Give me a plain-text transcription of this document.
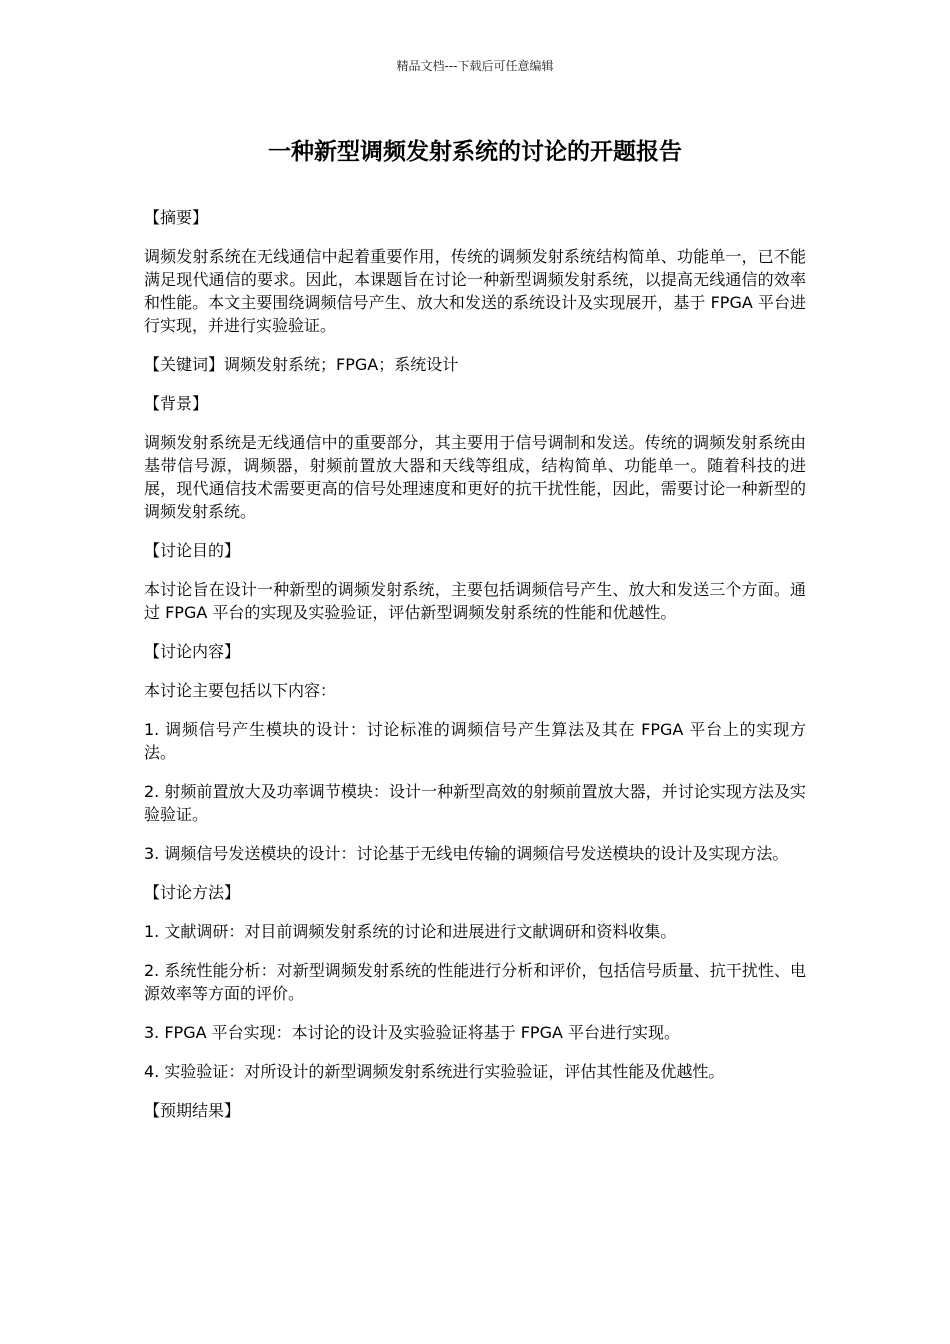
精品文档---下载后可任意编辑
一种新型调频发射系统的讨论的开题报告

【摘要】

调频发射系统在无线通信中起着重要作用，传统的调频发射系统结构简单、功能单一，已不能满足现代通信的要求。因此，本课题旨在讨论一种新型调频发射系统，以提高无线通信的效率和性能。本文主要围绕调频信号产生、放大和发送的系统设计及实现展开，基于 FPGA 平台进行实现，并进行实验验证。

【关键词】调频发射系统；FPGA；系统设计

【背景】

调频发射系统是无线通信中的重要部分，其主要用于信号调制和发送。传统的调频发射系统由基带信号源，调频器，射频前置放大器和天线等组成，结构简单、功能单一。随着科技的进展，现代通信技术需要更高的信号处理速度和更好的抗干扰性能，因此，需要讨论一种新型的调频发射系统。

【讨论目的】

本讨论旨在设计一种新型的调频发射系统，主要包括调频信号产生、放大和发送三个方面。通过 FPGA 平台的实现及实验验证，评估新型调频发射系统的性能和优越性。

【讨论内容】

本讨论主要包括以下内容：

1. 调频信号产生模块的设计：讨论标准的调频信号产生算法及其在 FPGA 平台上的实现方法。

2. 射频前置放大及功率调节模块：设计一种新型高效的射频前置放大器，并讨论实现方法及实验验证。

3. 调频信号发送模块的设计：讨论基于无线电传输的调频信号发送模块的设计及实现方法。

【讨论方法】

1. 文献调研：对目前调频发射系统的讨论和进展进行文献调研和资料收集。

2. 系统性能分析：对新型调频发射系统的性能进行分析和评价，包括信号质量、抗干扰性、电源效率等方面的评价。

3. FPGA 平台实现：本讨论的设计及实验验证将基于 FPGA 平台进行实现。

4. 实验验证：对所设计的新型调频发射系统进行实验验证，评估其性能及优越性。

【预期结果】
